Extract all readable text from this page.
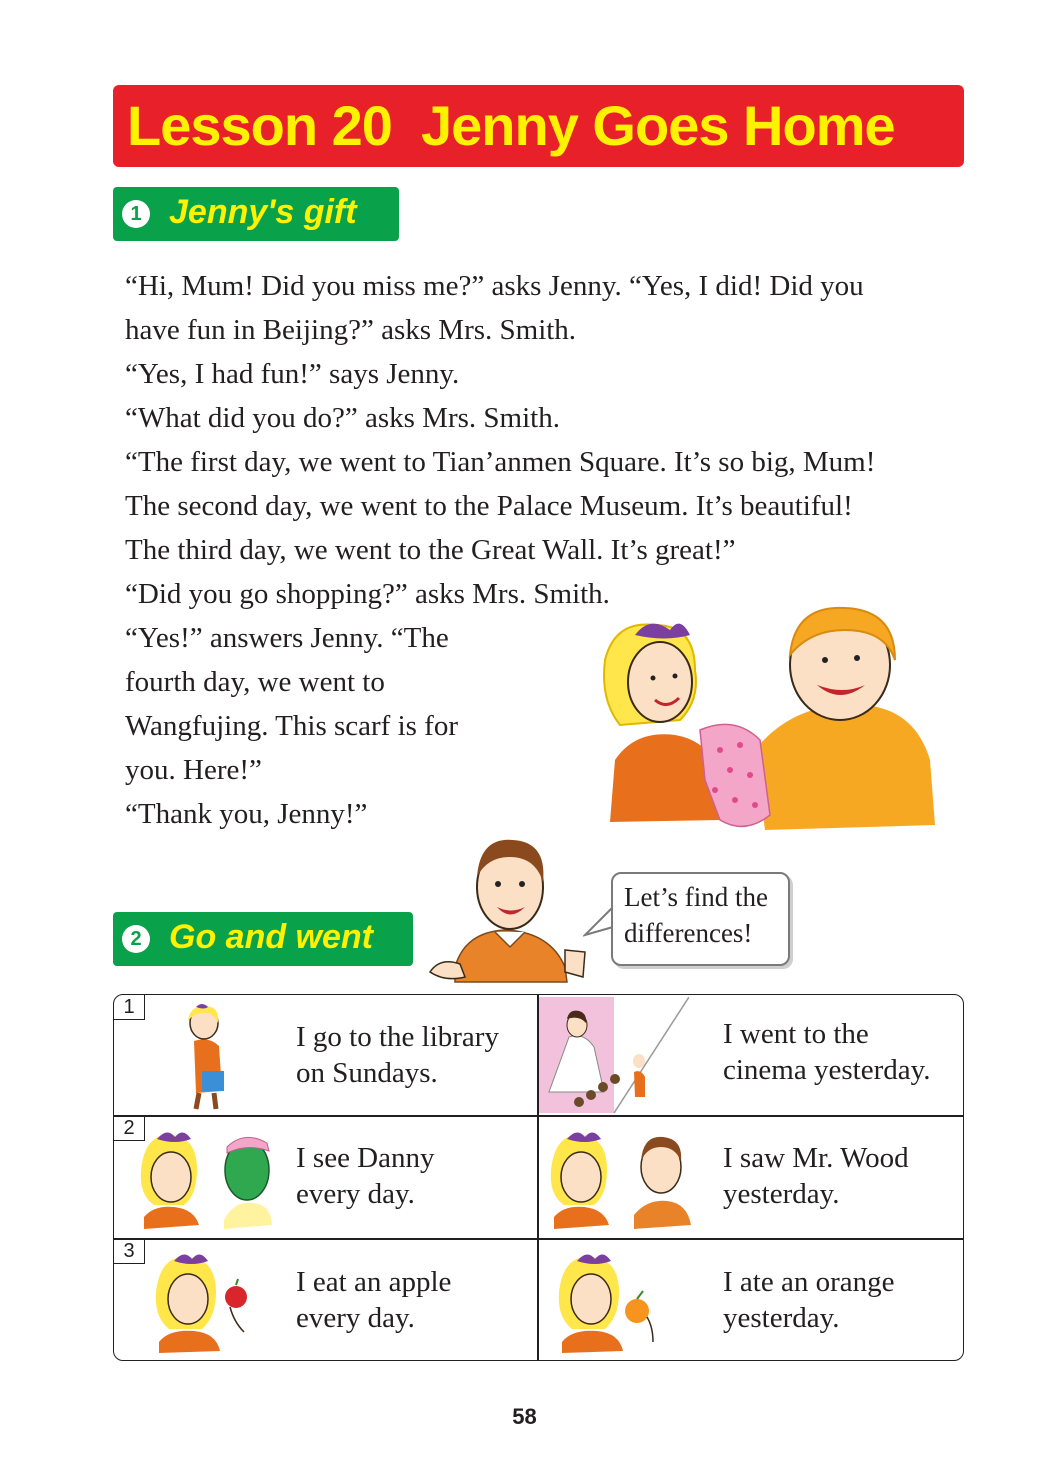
Lesson 20  Jenny Goes Home
1 Jenny's gift

“Hi, Mum! Did you miss me?” asks Jenny. “Yes, I did! Did you

have fun in Beijing?” asks Mrs. Smith.

“Yes, I had fun!” says Jenny.

“What did you do?” asks Mrs. Smith.

“The first day, we went to Tian’anmen Square. It’s so big, Mum!

The second day, we went to the Palace Museum. It’s beautiful!

The third day, we went to the Great Wall. It’s great!”

“Did you go shopping?” asks Mrs. Smith.

“Yes!” answers Jenny. “The

fourth day, we went to

Wangfujing. This scarf is for

you. Here!”

“Thank you, Jenny!”

2 Go and went

Let’s find the

differences!

1
I go to the library
on Sundays.
I went to the
cinema yesterday.
2
I see Danny
every day.
I saw Mr. Wood
yesterday.
3
I eat an apple
every day.
I ate an orange
yesterday.
58
